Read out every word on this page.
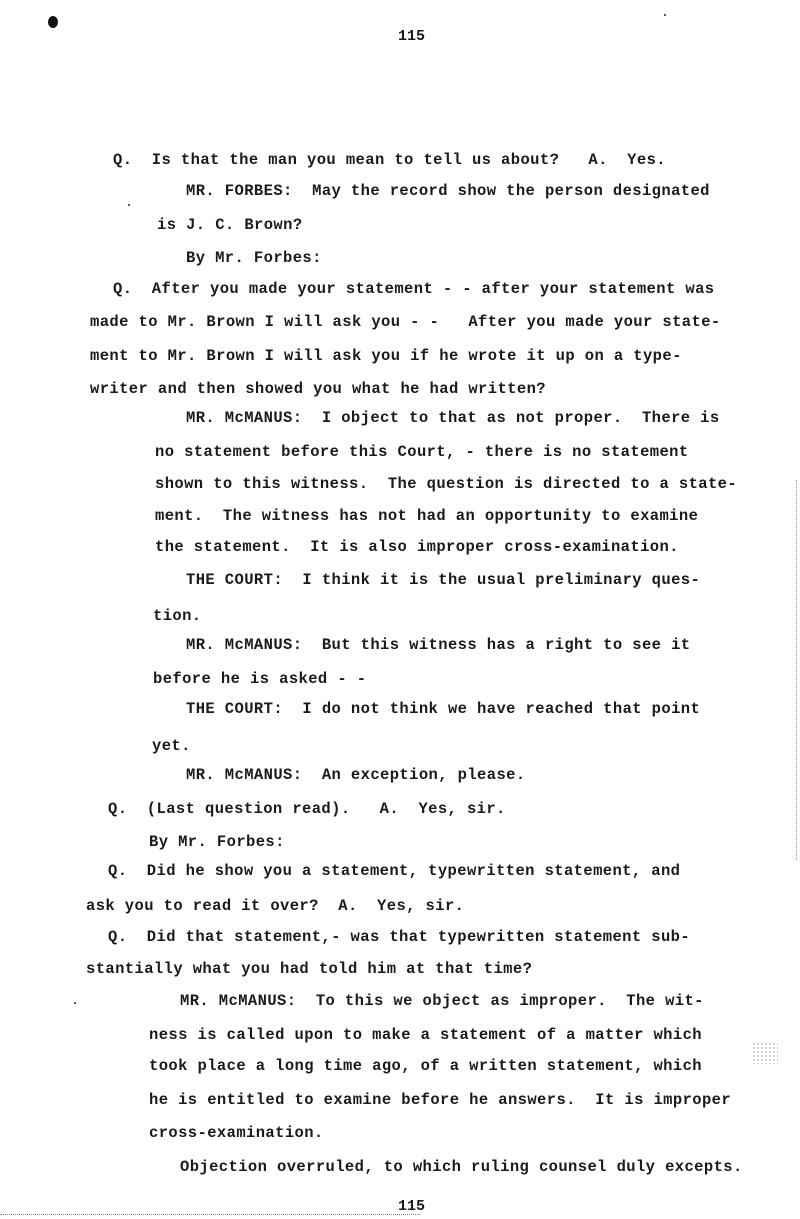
115
Q.  Is that the man you mean to tell us about?   A.  Yes.
MR. FORBES:  May the record show the person designated
is J. C. Brown?
By Mr. Forbes:
Q.  After you made your statement - - after your statement was
made to Mr. Brown I will ask you - -   After you made your state-
ment to Mr. Brown I will ask you if he wrote it up on a type-
writer and then showed you what he had written?
MR. McMANUS:  I object to that as not proper.  There is
no statement before this Court, - there is no statement
shown to this witness.  The question is directed to a state-
ment.  The witness has not had an opportunity to examine
the statement.  It is also improper cross-examination.
THE COURT:  I think it is the usual preliminary ques-
tion.
MR. McMANUS:  But this witness has a right to see it
before he is asked - -
THE COURT:  I do not think we have reached that point
yet.
MR. McMANUS:  An exception, please.
Q.  (Last question read).   A.  Yes, sir.
By Mr. Forbes:
Q.  Did he show you a statement, typewritten statement, and
ask you to read it over?  A.  Yes, sir.
Q.  Did that statement,- was that typewritten statement sub-
stantially what you had told him at that time?
MR. McMANUS:  To this we object as improper.  The wit-
ness is called upon to make a statement of a matter which
took place a long time ago, of a written statement, which
he is entitled to examine before he answers.  It is improper
cross-examination.
Objection overruled, to which ruling counsel duly excepts.
115
